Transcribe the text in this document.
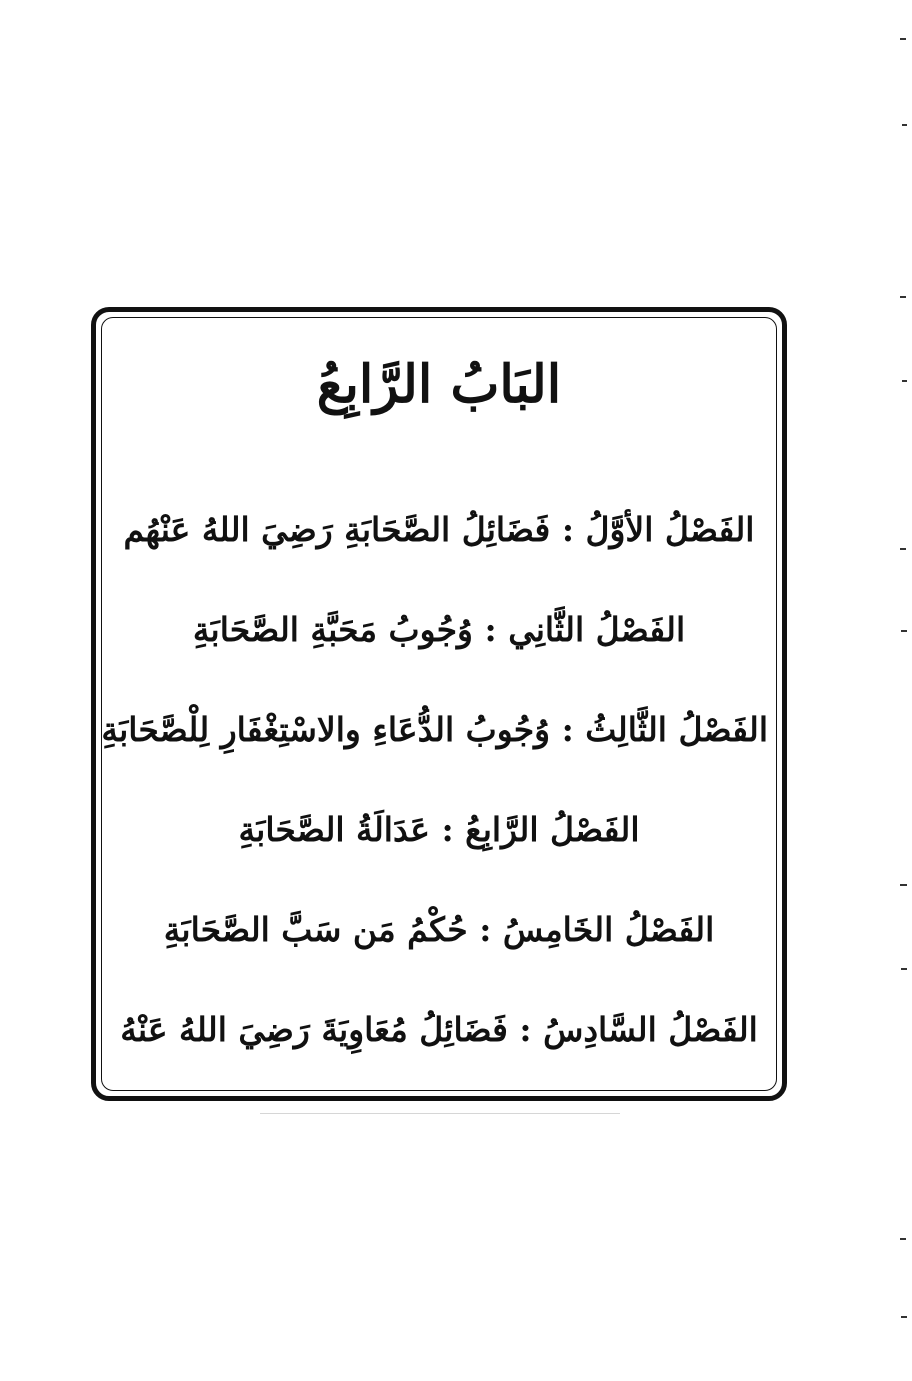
البَابُ الرَّابِعُ
الفَصْلُ الأوَّلُ : فَضَائِلُ الصَّحَابَةِ رَضِيَ اللهُ عَنْهُم
الفَصْلُ الثَّانِي : وُجُوبُ مَحَبَّةِ الصَّحَابَةِ
الفَصْلُ الثَّالِثُ : وُجُوبُ الدُّعَاءِ والاسْتِغْفَارِ لِلْصَّحَابَةِ
الفَصْلُ الرَّابِعُ : عَدَالَةُ الصَّحَابَةِ
الفَصْلُ الخَامِسُ : حُكْمُ مَن سَبَّ الصَّحَابَةِ
الفَصْلُ السَّادِسُ : فَضَائِلُ مُعَاوِيَةَ رَضِيَ اللهُ عَنْهُ
